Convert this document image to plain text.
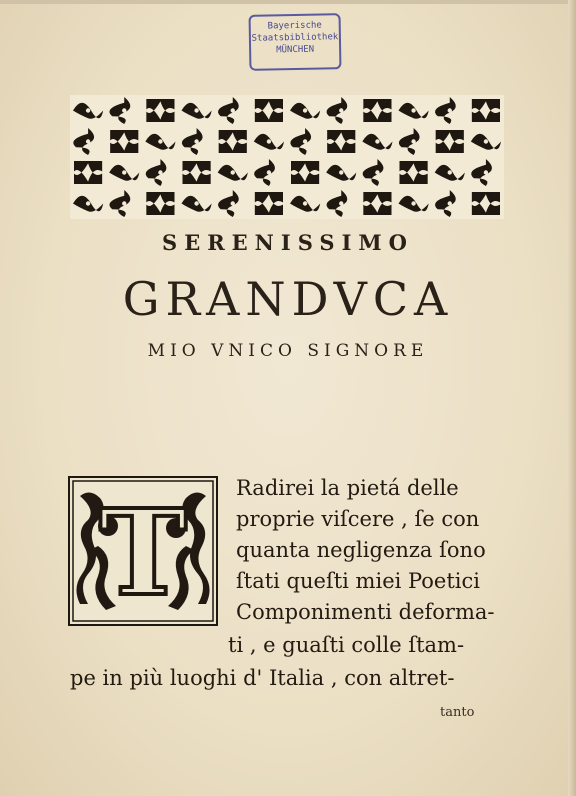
Bayerische
Staatsbibliothek
MÜNCHEN
SERENISSIMO
GRANDVCA
MIO VNICO SIGNORE
T Radirei la pietá delle
proprie viſcere , ſe con
quanta negligenza ſono
ſtati queſti miei Poetici
Componimenti deforma-
ti , e guaſti colle ſtam-
pe in più luoghi d' Italia , con altret-
tanto
